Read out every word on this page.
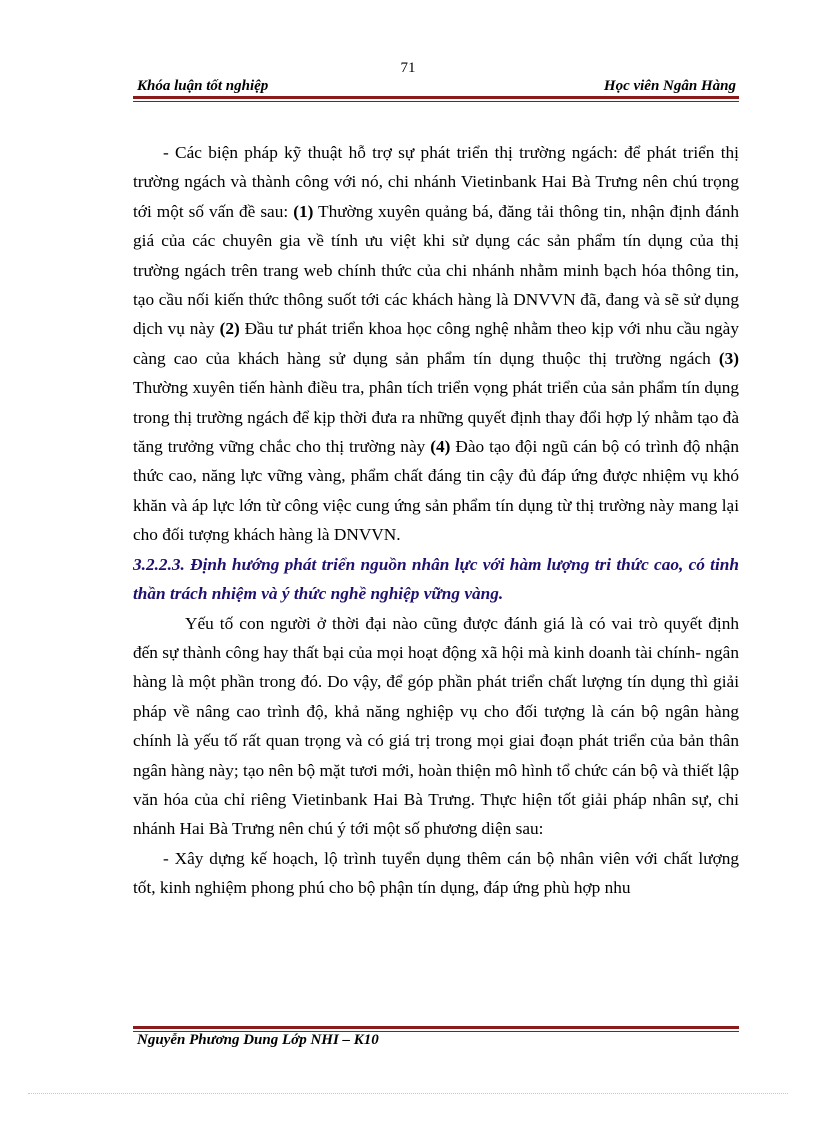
71
Khóa luận tốt nghiệp	Học viên Ngân Hàng

- Các biện pháp kỹ thuật hỗ trợ sự phát triển thị trường ngách: để phát triển thị trường ngách và thành công với nó, chi nhánh Vietinbank Hai Bà Trưng nên chú trọng tới một số vấn đề sau: (1) Thường xuyên quảng bá, đăng tải thông tin, nhận định đánh giá của các chuyên gia về tính ưu việt khi sử dụng các sản phẩm tín dụng của thị trường ngách trên trang web chính thức của chi nhánh nhằm minh bạch hóa thông tin, tạo cầu nối kiến thức thông suốt tới các khách hàng là DNVVN đã, đang và sẽ sử dụng dịch vụ này (2) Đầu tư phát triển khoa học công nghệ nhằm theo kịp với nhu cầu ngày càng cao của khách hàng sử dụng sản phẩm tín dụng thuộc thị trường ngách (3) Thường xuyên tiến hành điều tra, phân tích triển vọng phát triển của sản phẩm tín dụng trong thị trường ngách để kịp thời đưa ra những quyết định thay đổi hợp lý nhằm tạo đà tăng trưởng vững chắc cho thị trường này (4) Đào tạo đội ngũ cán bộ có trình độ nhận thức cao, năng lực vững vàng, phẩm chất đáng tin cậy đủ đáp ứng được nhiệm vụ khó khăn và áp lực lớn từ công việc cung ứng sản phẩm tín dụng từ thị trường này mang lại cho đối tượng khách hàng là DNVVN.

3.2.2.3. Định hướng phát triển nguồn nhân lực với hàm lượng tri thức cao, có tinh thần trách nhiệm và ý thức nghề nghiệp vững vàng.

Yếu tố con người ở thời đại nào cũng được đánh giá là có vai trò quyết định đến sự thành công hay thất bại của mọi hoạt động xã hội mà kinh doanh tài chính- ngân hàng là một phần trong đó. Do vậy, để góp phần phát triển chất lượng tín dụng thì giải pháp về nâng cao trình độ, khả năng nghiệp vụ cho đối tượng là cán bộ ngân hàng chính là yếu tố rất quan trọng và có giá trị trong mọi giai đoạn phát triển của bản thân ngân hàng này; tạo nên bộ mặt tươi mới, hoàn thiện mô hình tổ chức cán bộ và thiết lập văn hóa của chỉ riêng Vietinbank Hai Bà Trưng. Thực hiện tốt giải pháp nhân sự, chi nhánh Hai Bà Trưng nên chú ý tới một số phương diện sau:

- Xây dựng kế hoạch, lộ trình tuyển dụng thêm cán bộ nhân viên với chất lượng tốt, kinh nghiệm phong phú cho bộ phận tín dụng, đáp ứng phù hợp nhu

Nguyễn Phương Dung Lớp NHI – K10
